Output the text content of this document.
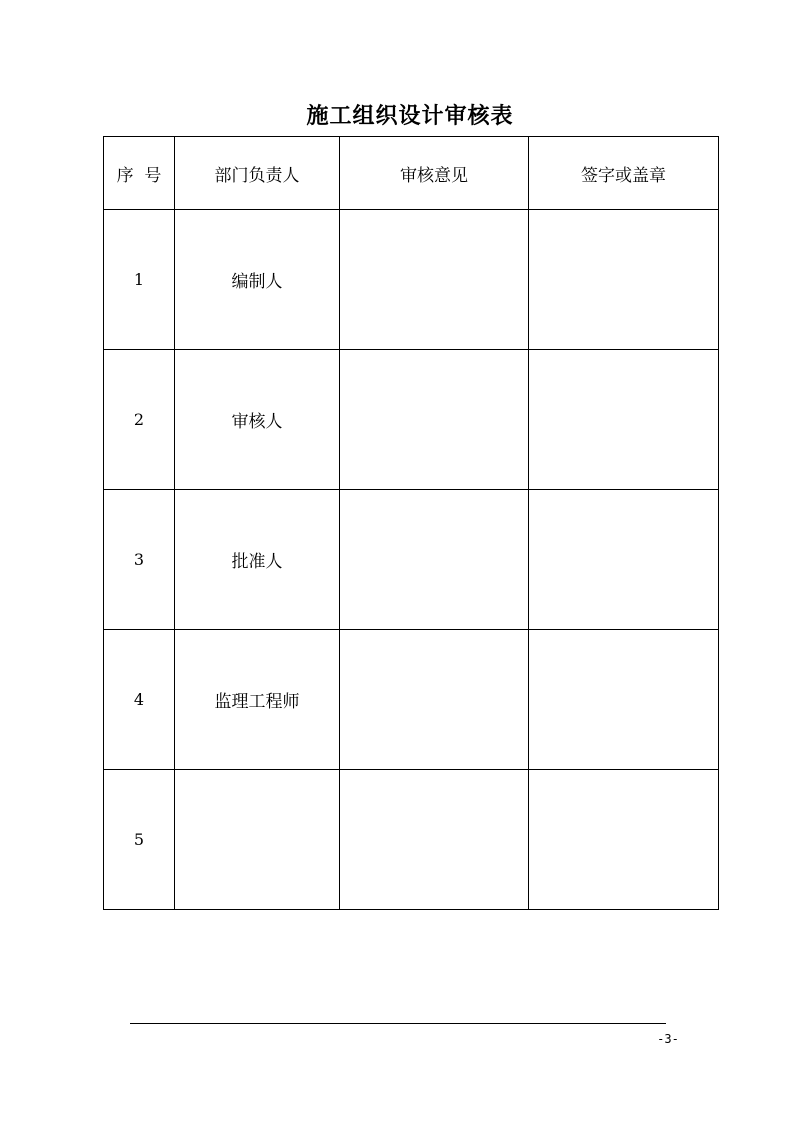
施工组织设计审核表
序  号	部门负责人	审核意见	签字或盖章
1	编制人		
2	审核人		
3	批准人		
4	监理工程师		
5			
-3-
